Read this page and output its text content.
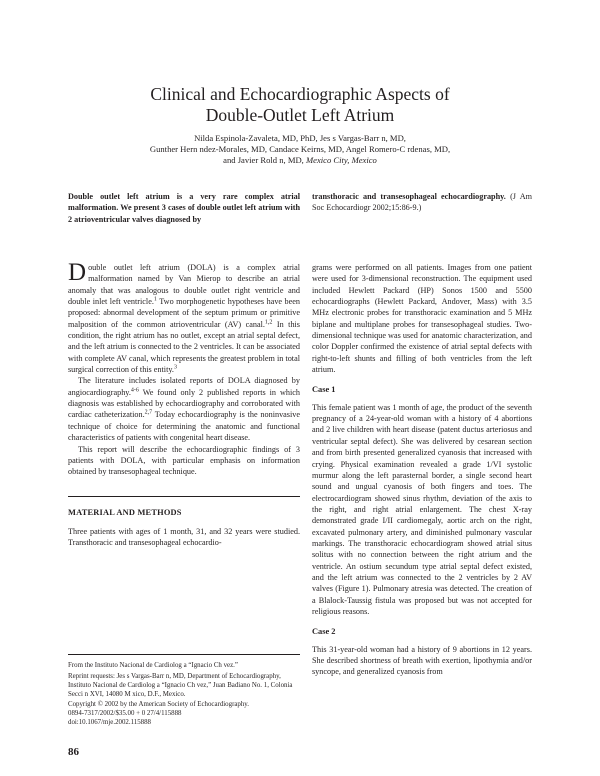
Clinical and Echocardiographic Aspects of
Double-Outlet Left Atrium
Nilda Espinola-Zavaleta, MD, PhD, Jes s Vargas-Barr n, MD,
Gunther Hern ndez-Morales, MD, Candace Keirns, MD, Angel Romero-C rdenas, MD,
and Javier Rold n, MD, Mexico City, Mexico
Double outlet left atrium is a very rare complex atrial malformation. We present 3 cases of double outlet left atrium with 2 atrioventricular valves diagnosed by
transthoracic and transesophageal echocardiography. (J Am Soc Echocardiogr 2002;15:86-9.)

Double outlet left atrium (DOLA) is a complex atrial malformation named by Van Mierop to describe an atrial anomaly that was analogous to double outlet right ventricle and double inlet left ventricle.$^1$ Two morphogenetic hypotheses have been proposed: abnormal development of the septum primum or primitive malposition of the common atrioventricular (AV) canal.$^{1,2}$ In this condition, the right atrium has no outlet, except an atrial septal defect, and the left atrium is connected to the 2 ventricles. It can be associated with complete AV canal, which represents the greatest problem in total surgical correction of this entity.$^3$

The literature includes isolated reports of DOLA diagnosed by angiocardiography.$^{4-6}$ We found only 2 published reports in which diagnosis was established by echocardiography and corroborated with cardiac catheterization.$^{2,7}$ Today echocardiography is the noninvasive technique of choice for determining the anatomic and functional characteristics of patients with congenital heart disease.

This report will describe the echocardiographic findings of 3 patients with DOLA, with particular emphasis on information obtained by transesophageal technique.

MATERIAL AND METHODS

Three patients with ages of 1 month, 31, and 32 years were studied. Transthoracic and transesophageal echocardio-

grams were performed on all patients. Images from one patient were used for 3-dimensional reconstruction. The equipment used included Hewlett Packard (HP) Sonos 1500 and 5500 echocardiographs (Hewlett Packard, Andover, Mass) with 3.5 MHz electronic probes for transthoracic examination and 5 MHz biplane and multiplane probes for transesophageal studies. Two-dimensional technique was used for anatomic characterization, and color Doppler confirmed the existence of atrial septal defects with right-to-left shunts and filling of both ventricles from the left atrium.

Case 1

This female patient was 1 month of age, the product of the seventh pregnancy of a 24-year-old woman with a history of 4 abortions and 2 live children with heart disease (patent ductus arteriosus and ventricular septal defect). She was delivered by cesarean section and from birth presented generalized cyanosis that increased with crying. Physical examination revealed a grade 1/VI systolic murmur along the left parasternal border, a single second heart sound and ungual cyanosis of both fingers and toes. The electrocardiogram showed sinus rhythm, deviation of the axis to the right, and right atrial enlargement. The chest X-ray demonstrated grade I/II cardiomegaly, aortic arch on the right, excavated pulmonary artery, and diminished pulmonary vascular markings. The transthoracic echocardiogram showed atrial situs solitus with no connection between the right atrium and the ventricle. An ostium secundum type atrial septal defect existed, and the left atrium was connected to the 2 ventricles by 2 AV valves (Figure 1). Pulmonary atresia was detected. The creation of a Blalock-Taussig fistula was proposed but was not accepted for religious reasons.

Case 2

This 31-year-old woman had a history of 9 abortions in 12 years. She described shortness of breath with exertion, lipothymia and/or syncope, and generalized cyanosis from

From the Instituto Nacional de Cardiolog a “Ignacio Ch vez.”
Reprint requests: Jes s Vargas-Barr n, MD, Department of Echocardiography, Instituto Nacional de Cardiolog a “Ignacio Ch vez,” Juan Badiano No. 1, Colonia Secci n XVI, 14080 M xico, D.F., Mexico.
Copyright © 2002 by the American Society of Echocardiography.
0894-7317/2002/$35.00 + 0 27/4/115888
doi:10.1067/mje.2002.115888
86
